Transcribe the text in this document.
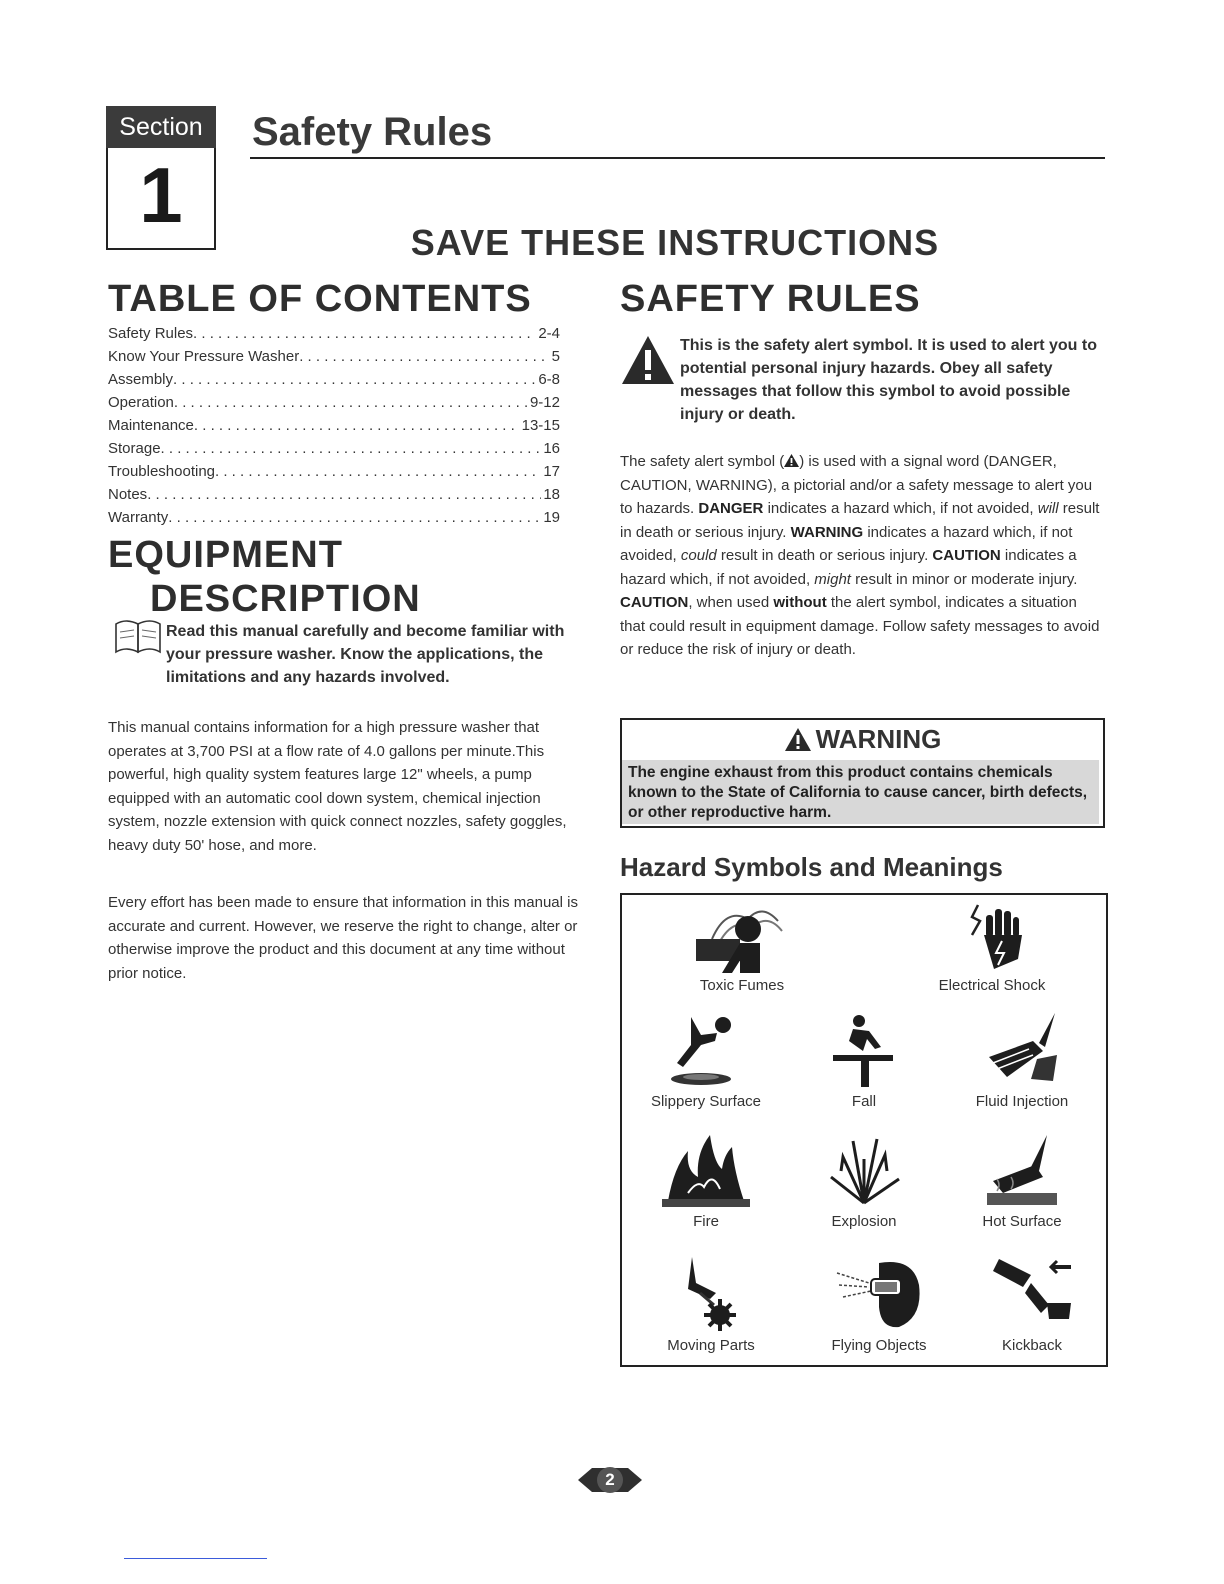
Section
1
Safety Rules
SAVE THESE INSTRUCTIONS
TABLE OF CONTENTS
Safety Rules . . .	2-4
Know Your Pressure Washer . . .	5
Assembly . . .	6-8
Operation . . .	9-12
Maintenance . . .	13-15
Storage . . .	16
Troubleshooting . . .	17
Notes . . .	18
Warranty . . .	19
EQUIPMENT
DESCRIPTION
Read this manual carefully and become familiar with your pressure washer. Know the applications, the limitations and any hazards involved.
This manual contains information for a high pressure washer that operates at 3,700 PSI at a flow rate of 4.0 gallons per minute.This powerful, high quality system features large 12" wheels, a pump equipped with an automatic cool down system, chemical injection system, nozzle extension with quick connect nozzles, safety goggles, heavy duty 50' hose, and more.
Every effort has been made to ensure that information in this manual is accurate and current. However, we reserve the right to change, alter or otherwise improve the product and this document at any time without prior notice.
SAFETY RULES
This is the safety alert symbol. It is used to alert you to potential personal injury hazards. Obey all safety messages that follow this symbol to avoid possible injury or death.
The safety alert symbol ( ) is used with a signal word (DANGER, CAUTION, WARNING), a pictorial and/or a safety message to alert you to hazards. DANGER indicates a hazard which, if not avoided, will result in death or serious injury. WARNING indicates a hazard which, if not avoided, could result in death or serious injury. CAUTION indicates a hazard which, if not avoided, might result in minor or moderate injury. CAUTION, when used without the alert symbol, indicates a situation that could result in equipment damage. Follow safety messages to avoid or reduce the risk of injury or death.
WARNING
The engine exhaust from this product contains chemicals known to the State of California to cause cancer, birth defects, or other reproductive harm.
Hazard Symbols and Meanings
Toxic Fumes	Electrical Shock
Slippery Surface	Fall	Fluid Injection
Fire	Explosion	Hot Surface
Moving Parts	Flying Objects	Kickback
2
